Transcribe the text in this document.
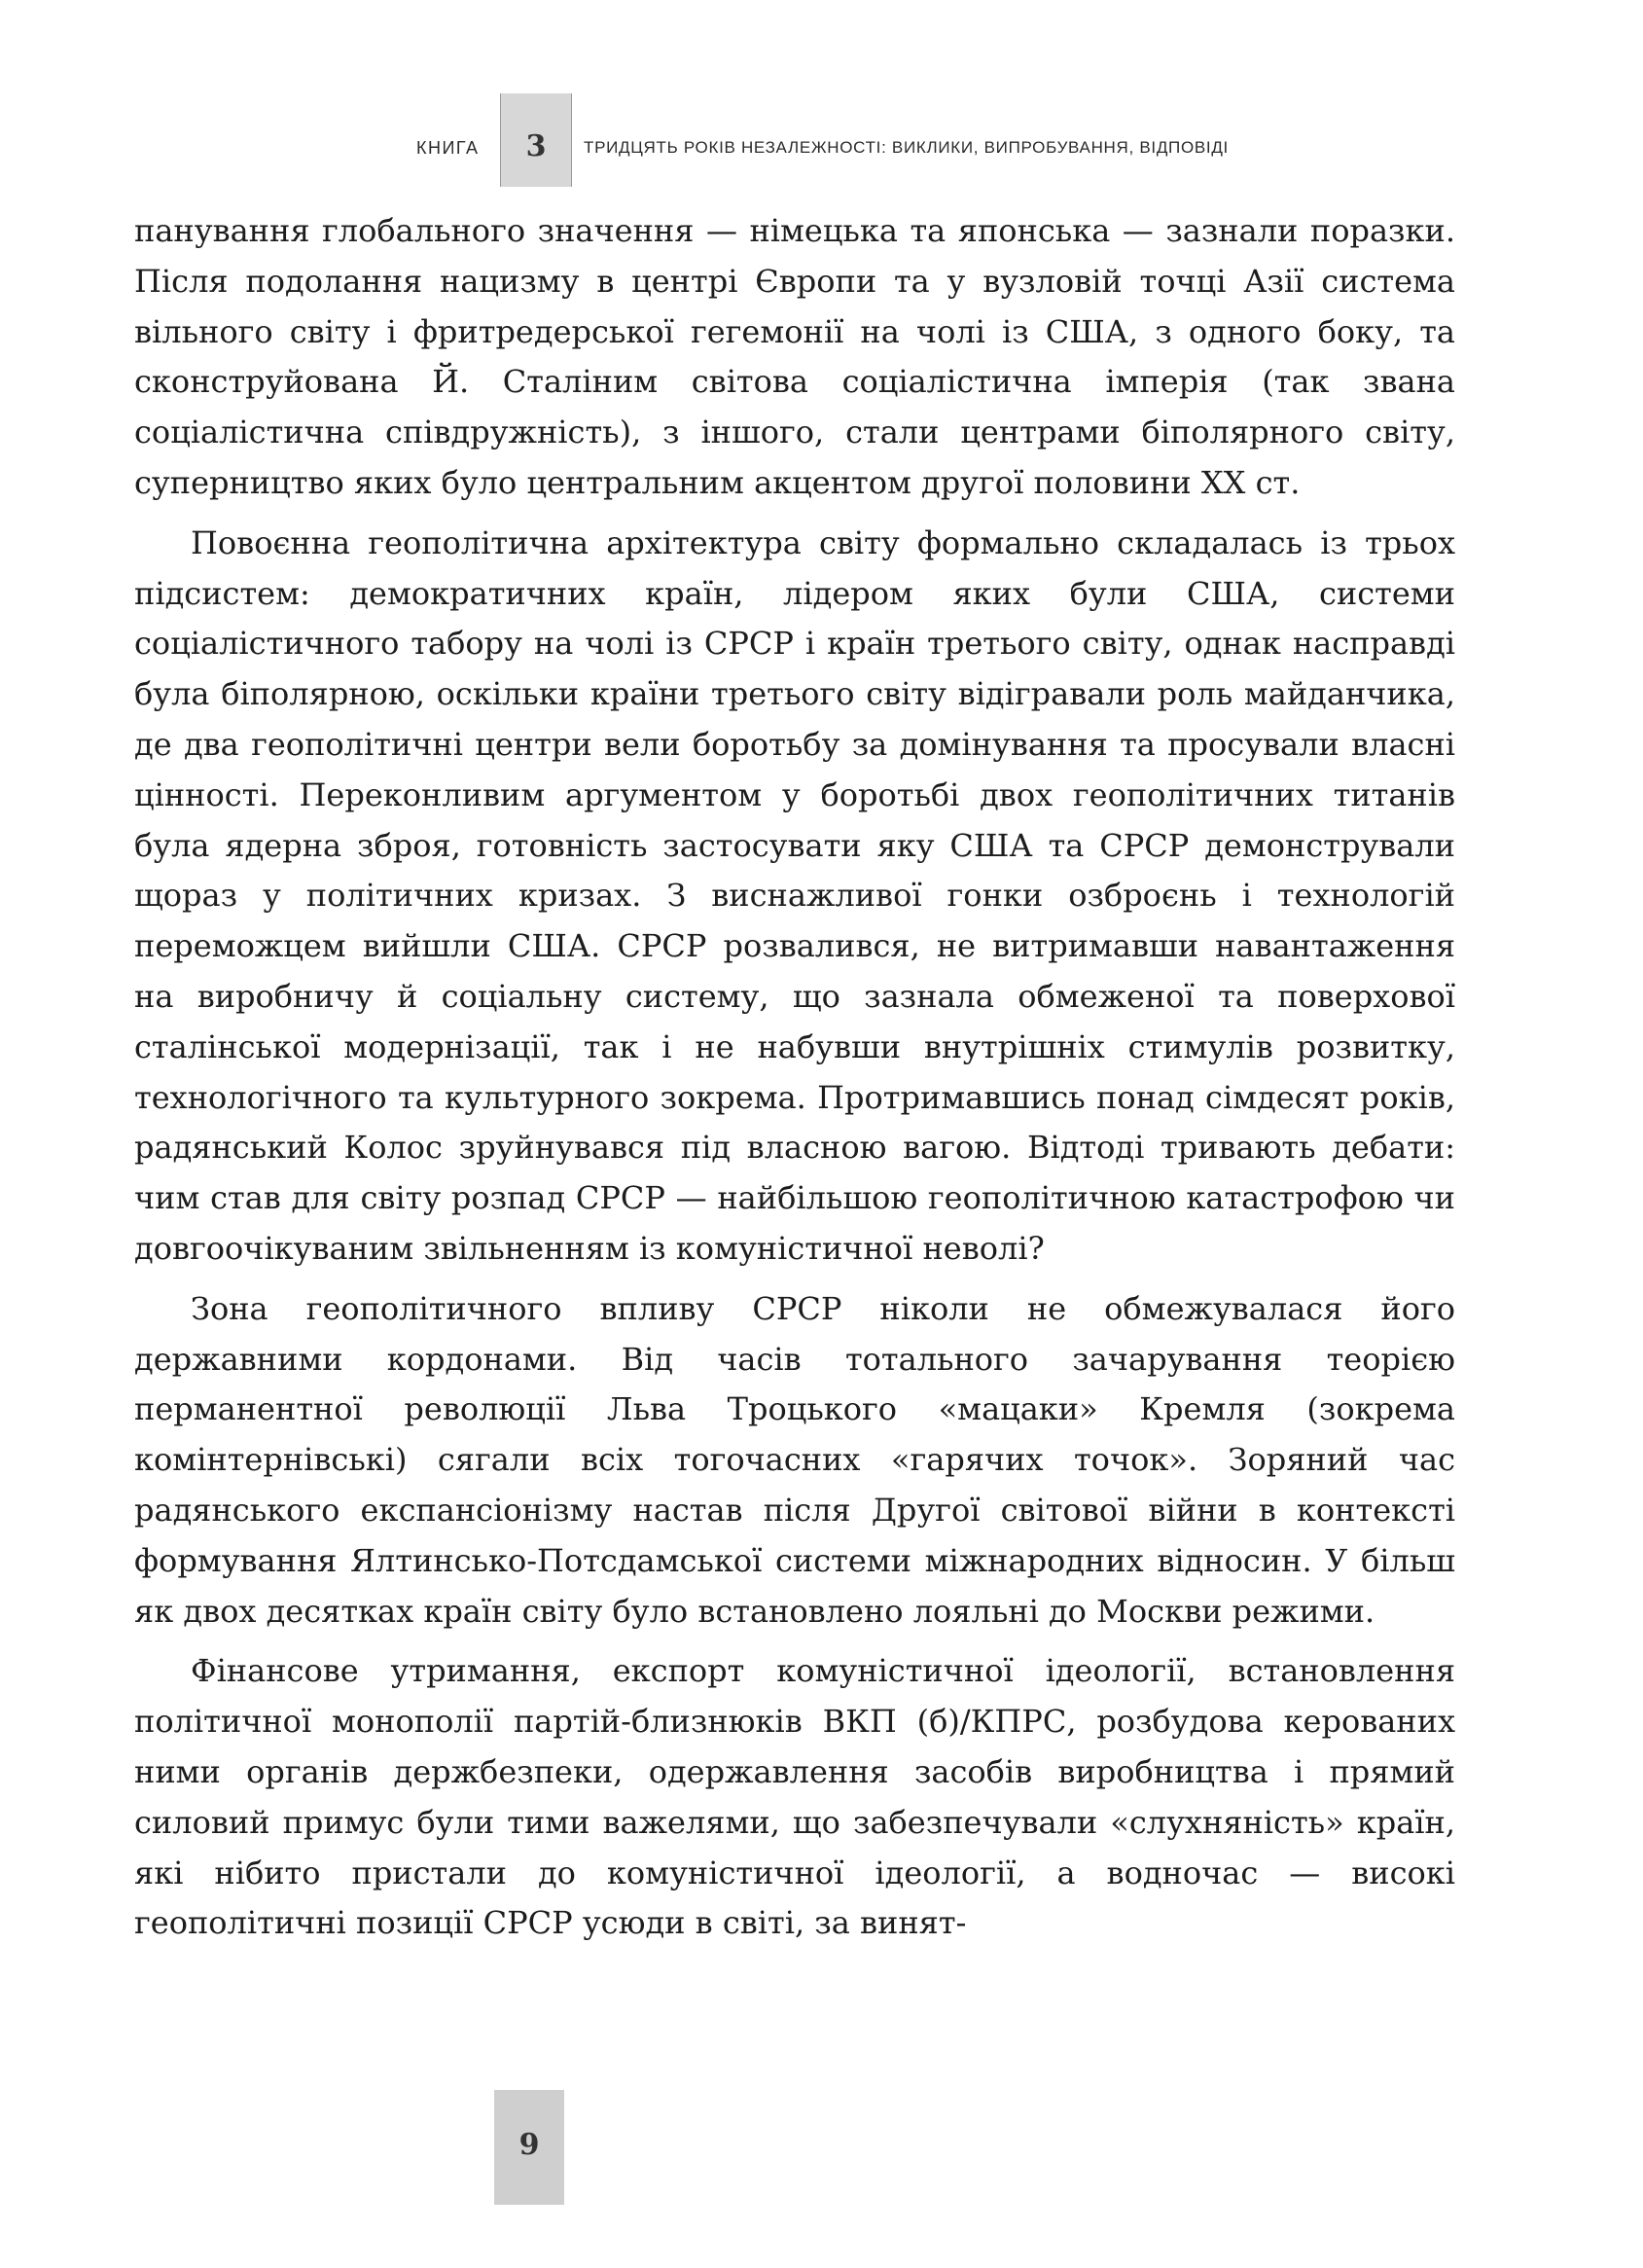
КНИГА	3	ТРИДЦЯТЬ РОКІВ НЕЗАЛЕЖНОСТІ: ВИКЛИКИ, ВИПРОБУВАННЯ, ВІДПОВІДІ

панування глобального значення — німецька та японська — зазнали поразки. Після подолання нацизму в центрі Європи та у вузловій точці Азії система вільного світу і фритредерської гегемонії на чолі із США, з одного боку, та сконструйована Й. Сталіним світова соціалістична імперія (так звана соціалістична співдружність), з іншого, стали центрами біполярного світу, суперництво яких було центральним акцентом другої половини XX ст.

Повоєнна геополітична архітектура світу формально складалась із трьох підсистем: демократичних країн, лідером яких були США, системи соціалістичного табору на чолі із СРСР і країн третього світу, однак насправді була біполярною, оскільки країни третього світу відігравали роль майданчика, де два геополітичні центри вели боротьбу за домінування та просували власні цінності. Переконливим аргументом у боротьбі двох геополітичних титанів була ядерна зброя, готовність застосувати яку США та СРСР демонстрували щораз у політичних кризах. З виснажливої гонки озброєнь і технологій переможцем вийшли США. СРСР розвалився, не витримавши навантаження на виробничу й соціальну систему, що зазнала обмеженої та поверхової сталінської модернізації, так і не набувши внутрішніх стимулів розвитку, технологічного та культурного зокрема. Протримавшись понад сімдесят років, радянський Колос зруйнувався під власною вагою. Відтоді тривають дебати: чим став для світу розпад СРСР — найбільшою геополітичною катастрофою чи довгоочікуваним звільненням із комуністичної неволі?

Зона геополітичного впливу СРСР ніколи не обмежувалася його державними кордонами. Від часів тотального зачарування теорією перманентної революції Льва Троцького «мацаки» Кремля (зокрема комінтернівські) сягали всіх тогочасних «гарячих точок». Зоряний час радянського експансіонізму настав після Другої світової війни в контексті формування Ялтинсько-Потсдамської системи міжнародних відносин. У більш як двох десятках країн світу було встановлено лояльні до Москви режими.

Фінансове утримання, експорт комуністичної ідеології, встановлення політичної монополії партій-близнюків ВКП (б)/КПРС, розбудова керованих ними органів держбезпеки, одержавлення засобів виробництва і прямий силовий примус були тими важелями, що забезпечували «слухняність» країн, які нібито пристали до комуністичної ідеології, а водночас — високі геополітичні позиції СРСР усюди в світі, за винят-

9
